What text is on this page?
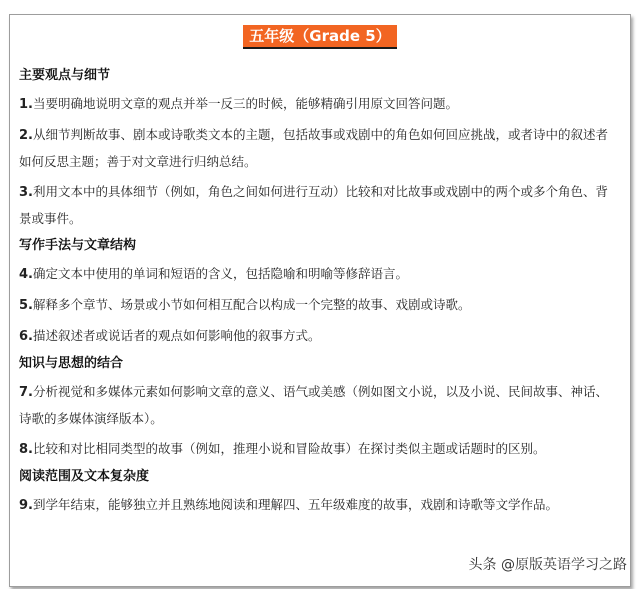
五年级（Grade 5）
主要观点与细节
1.当要明确地说明文章的观点并举一反三的时候，能够精确引用原文回答问题。
2.从细节判断故事、剧本或诗歌类文本的主题，包括故事或戏剧中的角色如何回应挑战，或者诗中的叙述者如何反思主题；善于对文章进行归纳总结。
3.利用文本中的具体细节（例如，角色之间如何进行互动）比较和对比故事或戏剧中的两个或多个角色、背景或事件。
写作手法与文章结构
4.确定文本中使用的单词和短语的含义，包括隐喻和明喻等修辞语言。
5.解释多个章节、场景或小节如何相互配合以构成一个完整的故事、戏剧或诗歌。
6.描述叙述者或说话者的观点如何影响他的叙事方式。
知识与思想的结合
7.分析视觉和多媒体元素如何影响文章的意义、语气或美感（例如图文小说，以及小说、民间故事、神话、诗歌的多媒体演绎版本）。
8.比较和对比相同类型的故事（例如，推理小说和冒险故事）在探讨类似主题或话题时的区别。
阅读范围及文本复杂度
9.到学年结束，能够独立并且熟练地阅读和理解四、五年级难度的故事，戏剧和诗歌等文学作品。
头条 @原版英语学习之路
